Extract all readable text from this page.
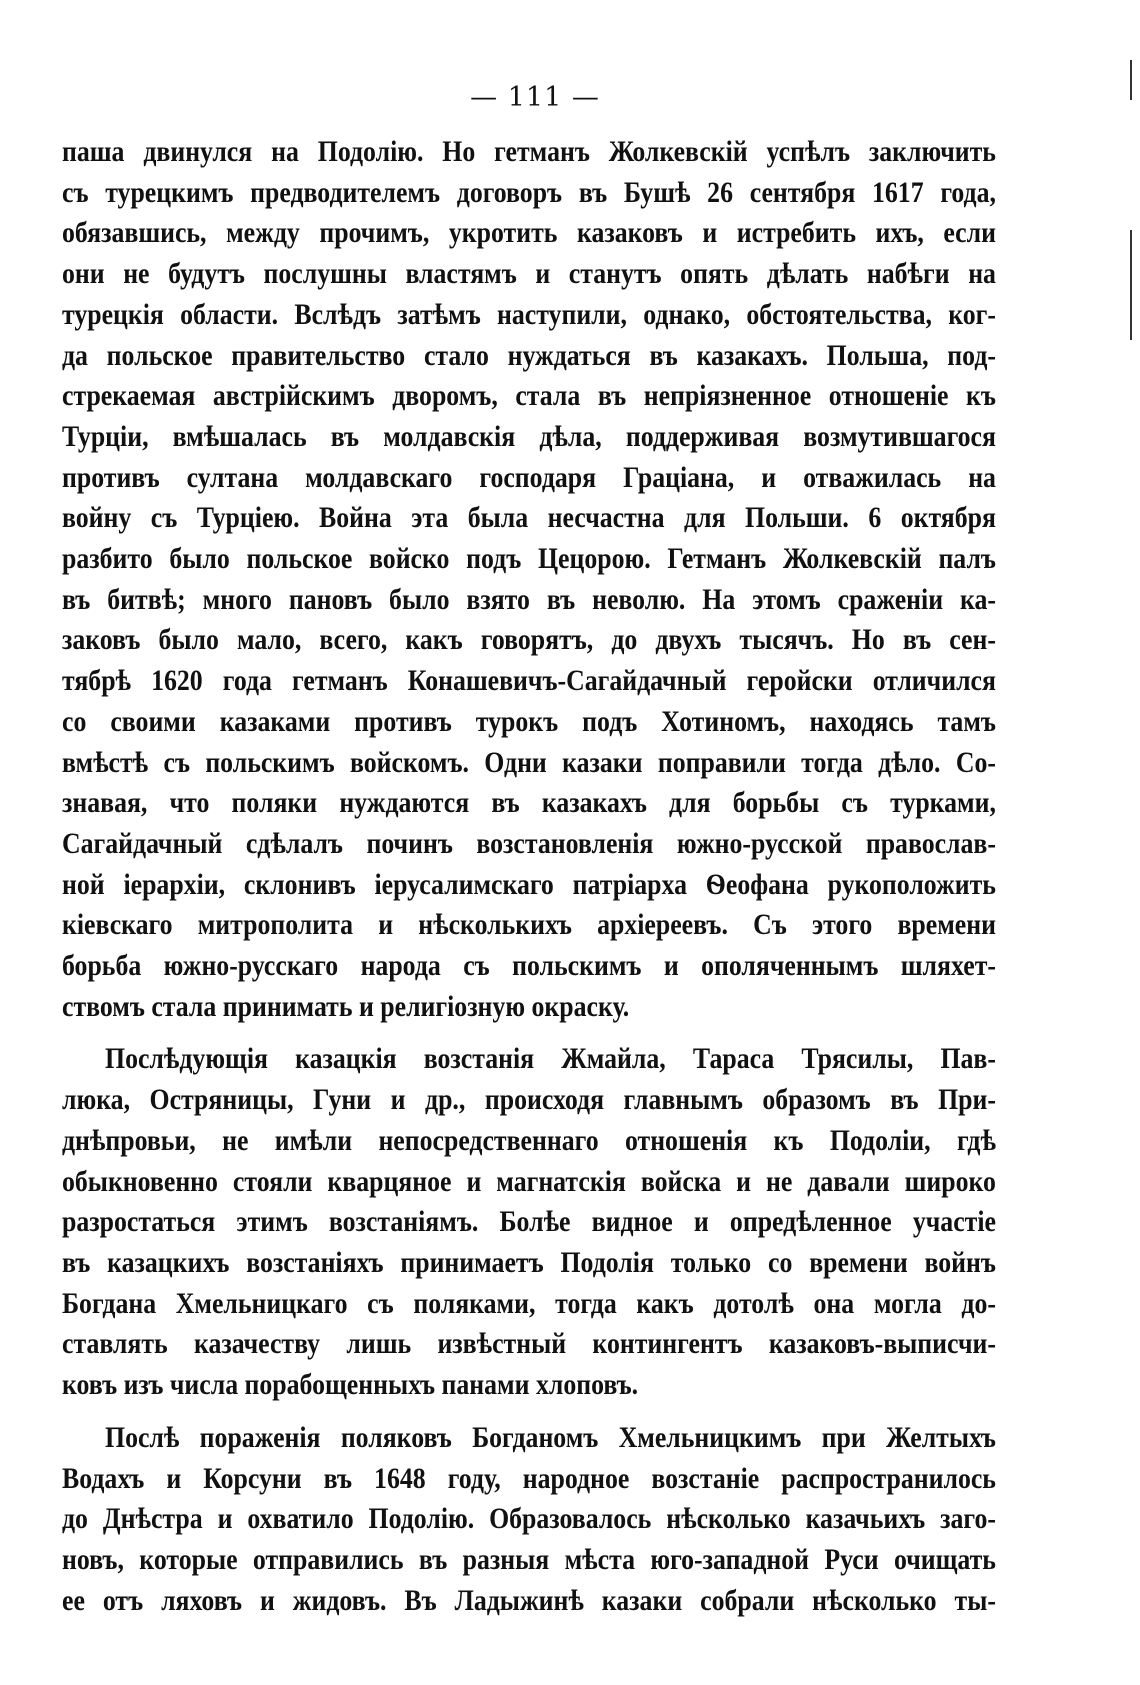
— 111 —
паша двинулся на Подолію. Но гетманъ Жолкевскій успѣлъ заключить
съ турецкимъ предводителемъ договоръ въ Бушѣ 26 сентября 1617 года,
обязавшись, между прочимъ, укротить казаковъ и истребить ихъ, если
они не будутъ послушны властямъ и станутъ опять дѣлать набѣги на
турецкія области. Вслѣдъ затѣмъ наступили, однако, обстоятельства, ког-
да польское правительство стало нуждаться въ казакахъ. Польша, под-
стрекаемая австрійскимъ дворомъ, стала въ непріязненное отношеніе къ
Турціи, вмѣшалась въ молдавскія дѣла, поддерживая возмутившагося
противъ султана молдавскаго господаря Граціана, и отважилась на
войну съ Турціею. Война эта была несчастна для Польши. 6 октября
разбито было польское войско подъ Цецорою. Гетманъ Жолкевскій палъ
въ битвѣ; много пановъ было взято въ неволю. На этомъ сраженіи ка-
заковъ было мало, всего, какъ говорятъ, до двухъ тысячъ. Но въ сен-
тябрѣ 1620 года гетманъ Конашевичъ-Сагайдачный геройски отличился
со своими казаками противъ турокъ подъ Хотиномъ, находясь тамъ
вмѣстѣ съ польскимъ войскомъ. Одни казаки поправили тогда дѣло. Со-
знавая, что поляки нуждаются въ казакахъ для борьбы съ турками,
Сагайдачный сдѣлалъ починъ возстановленія южно-русской православ-
ной іерархіи, склонивъ іерусалимскаго патріарха Ѳеофана рукоположить
кіевскаго митрополита и нѣсколькихъ архіереевъ. Съ этого времени
борьба южно-русскаго народа съ польскимъ и ополяченнымъ шляхет-
ствомъ стала принимать и религіозную окраску.
Послѣдующія казацкія возстанія Жмайла, Тараса Трясилы, Пав-
люка, Остряницы, Гуни и др., происходя главнымъ образомъ въ При-
днѣпровьи, не имѣли непосредственнаго отношенія къ Подоліи, гдѣ
обыкновенно стояли кварцяное и магнатскія войска и не давали широко
разростаться этимъ возстаніямъ. Болѣе видное и опредѣленное участіе
въ казацкихъ возстаніяхъ принимаетъ Подолія только со времени войнъ
Богдана Хмельницкаго съ поляками, тогда какъ дотолѣ она могла до-
ставлять казачеству лишь извѣстный контингентъ казаковъ-выписчи-
ковъ изъ числа порабощенныхъ панами хлоповъ.
Послѣ пораженія поляковъ Богданомъ Хмельницкимъ при Желтыхъ
Водахъ и Корсуни въ 1648 году, народное возстаніе распространилось
до Днѣстра и охватило Подолію. Образовалось нѣсколько казачьихъ заго-
новъ, которые отправились въ разныя мѣста юго-западной Руси очищать
ее отъ ляховъ и жидовъ. Въ Ладыжинѣ казаки собрали нѣсколько ты-
